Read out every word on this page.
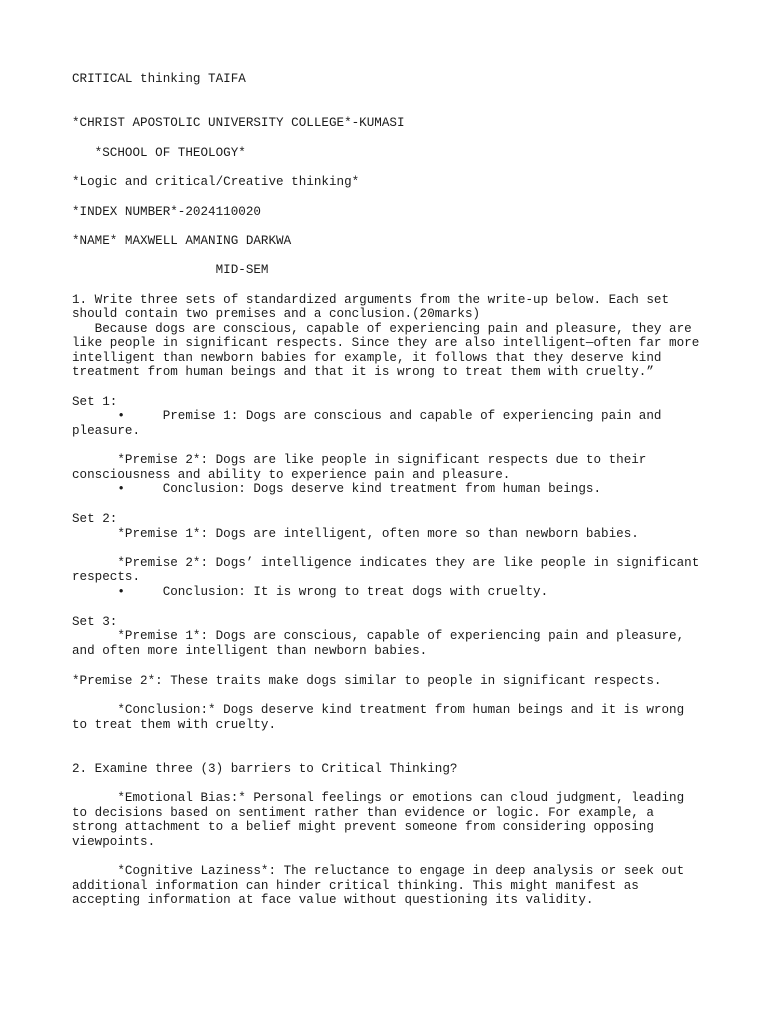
CRITICAL thinking TAIFA
*CHRIST APOSTOLIC UNIVERSITY COLLEGE*-KUMASI
*SCHOOL OF THEOLOGY*
*Logic and critical/Creative thinking*
*INDEX NUMBER*-2024110020
*NAME* MAXWELL AMANING DARKWA
MID-SEM
1. Write three sets of standardized arguments from the write-up below. Each set
should contain two premises and a conclusion.(20marks)
Because dogs are conscious, capable of experiencing pain and pleasure, they are
like people in significant respects. Since they are also intelligent—often far more
intelligent than newborn babies for example, it follows that they deserve kind
treatment from human beings and that it is wrong to treat them with cruelty.”
Set 1:
•     Premise 1: Dogs are conscious and capable of experiencing pain and
pleasure.
*Premise 2*: Dogs are like people in significant respects due to their
consciousness and ability to experience pain and pleasure.
•     Conclusion: Dogs deserve kind treatment from human beings.
Set 2:
*Premise 1*: Dogs are intelligent, often more so than newborn babies.
*Premise 2*: Dogs’ intelligence indicates they are like people in significant
respects.
•     Conclusion: It is wrong to treat dogs with cruelty.
Set 3:
*Premise 1*: Dogs are conscious, capable of experiencing pain and pleasure,
and often more intelligent than newborn babies.
*Premise 2*: These traits make dogs similar to people in significant respects.
*Conclusion:* Dogs deserve kind treatment from human beings and it is wrong
to treat them with cruelty.
2. Examine three (3) barriers to Critical Thinking?
*Emotional Bias:* Personal feelings or emotions can cloud judgment, leading
to decisions based on sentiment rather than evidence or logic. For example, a
strong attachment to a belief might prevent someone from considering opposing
viewpoints.
*Cognitive Laziness*: The reluctance to engage in deep analysis or seek out
additional information can hinder critical thinking. This might manifest as
accepting information at face value without questioning its validity.
